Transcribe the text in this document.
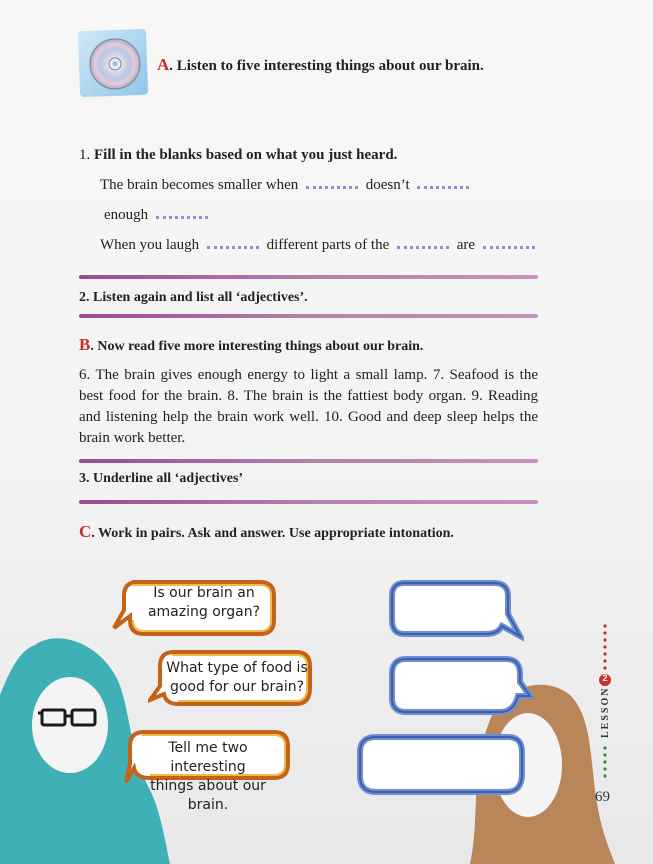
A. Listen to five interesting things about our brain.
1. Fill in the blanks based on what you just heard.
The brain becomes smaller when	doesn’t
enough
When you laugh	different parts of the	are
2. Listen again and list all ‘adjectives’.
B. Now read five more interesting things about our brain.
6. The brain gives enough energy to light a small lamp. 7. Seafood is the best food for the brain. 8. The brain is the fattiest body organ. 9. Reading and listening help the brain work well. 10. Good and deep sleep helps the brain work better.
3. Underline all ‘adjectives’
C. Work in pairs. Ask and answer. Use appropriate intonation.
Is our brain an
amazing organ?
What type of food is
good for our brain?
Tell me two interesting
things about our brain.
2
LESSON
69
